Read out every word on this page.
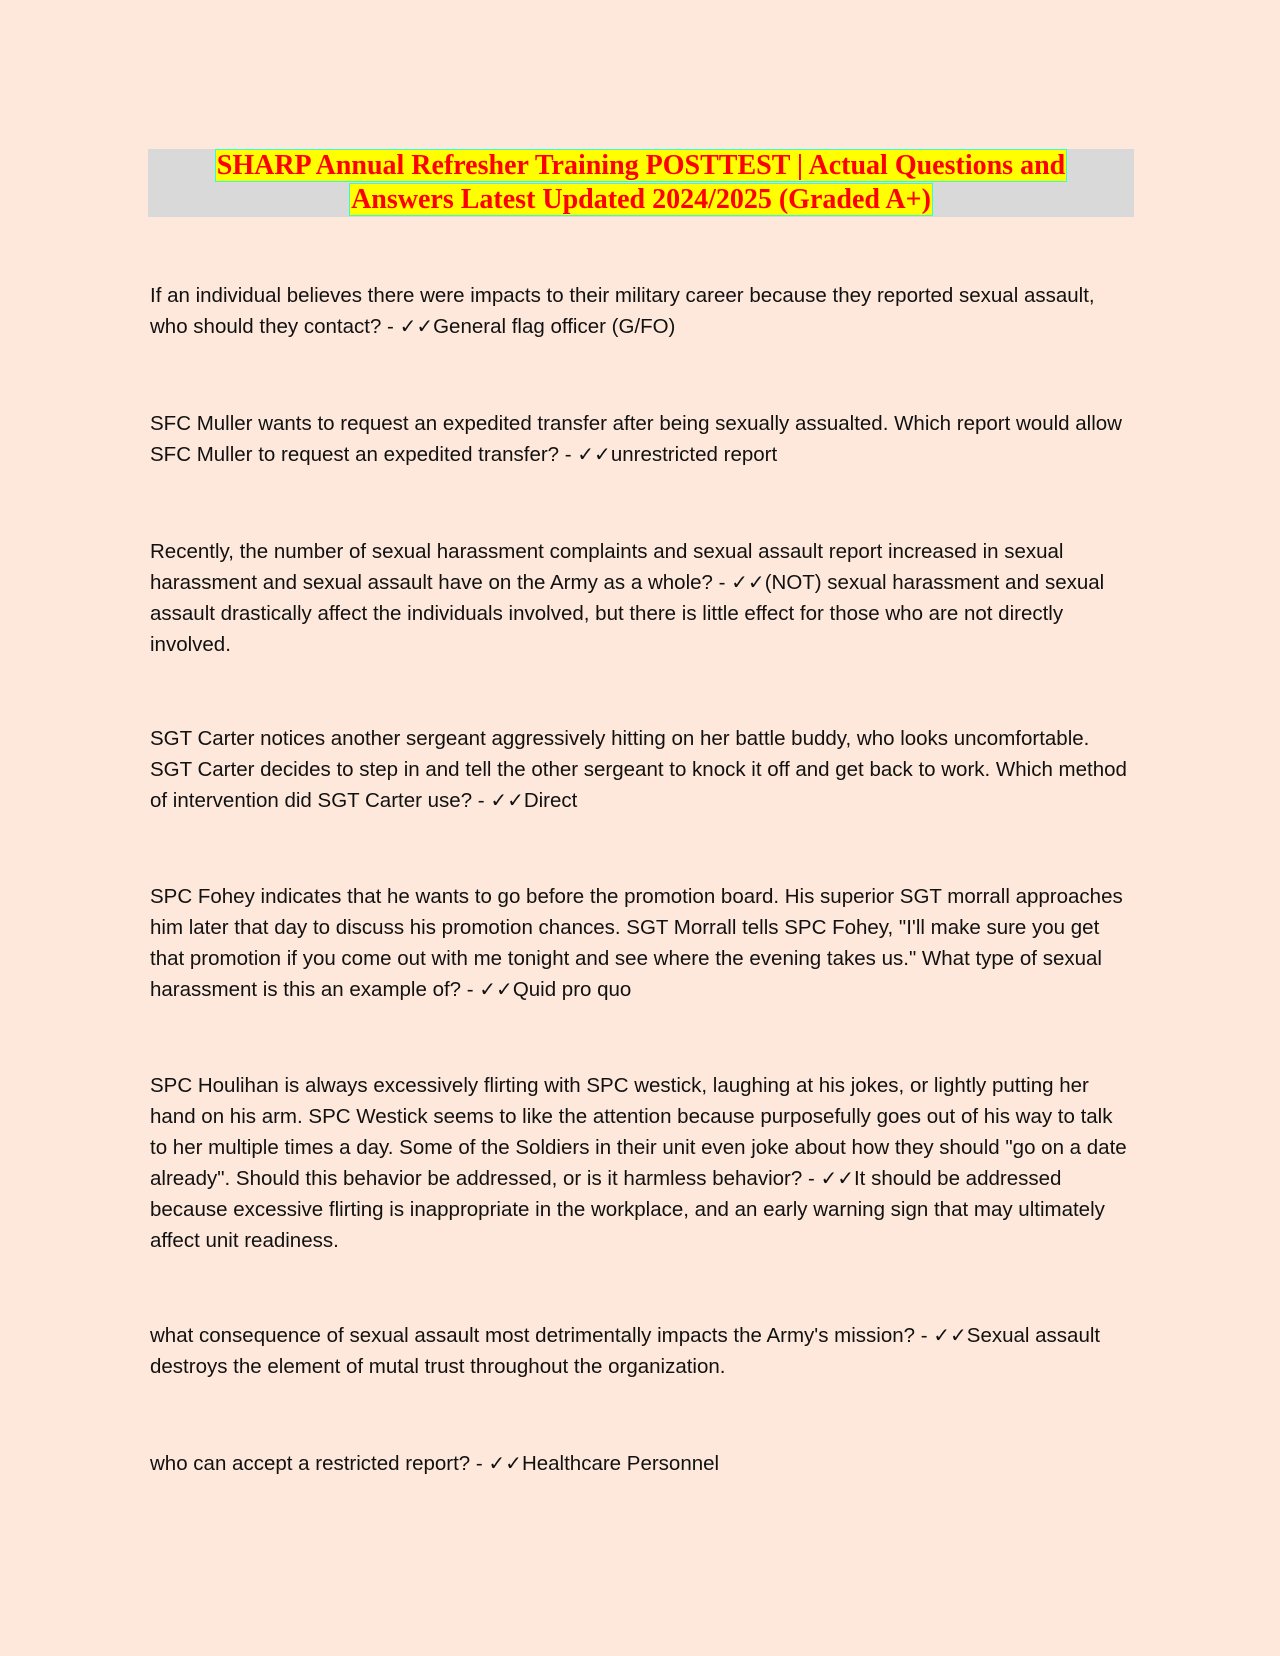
SHARP Annual Refresher Training POSTTEST | Actual Questions and
Answers Latest Updated 2024/2025 (Graded A+)

If an individual believes there were impacts to their military career because they reported sexual assault, who should they contact? - ✓✓General flag officer (G/FO)

SFC Muller wants to request an expedited transfer after being sexually assualted. Which report would allow SFC Muller to request an expedited transfer? - ✓✓unrestricted report

Recently, the number of sexual harassment complaints and sexual assault report increased in sexual harassment and sexual assault have on the Army as a whole? - ✓✓(NOT) sexual harassment and sexual assault drastically affect the individuals involved, but there is little effect for those who are not directly involved.

SGT Carter notices another sergeant aggressively hitting on her battle buddy, who looks uncomfortable. SGT Carter decides to step in and tell the other sergeant to knock it off and get back to work. Which method of intervention did SGT Carter use? - ✓✓Direct

SPC Fohey indicates that he wants to go before the promotion board. His superior SGT morrall approaches him later that day to discuss his promotion chances. SGT Morrall tells SPC Fohey, "I'll make sure you get that promotion if you come out with me tonight and see where the evening takes us." What type of sexual harassment is this an example of? - ✓✓Quid pro quo

SPC Houlihan is always excessively flirting with SPC westick, laughing at his jokes, or lightly putting her hand on his arm. SPC Westick seems to like the attention because purposefully goes out of his way to talk to her multiple times a day. Some of the Soldiers in their unit even joke about how they should "go on a date already". Should this behavior be addressed, or is it harmless behavior? - ✓✓It should be addressed because excessive flirting is inappropriate in the workplace, and an early warning sign that may ultimately affect unit readiness.

what consequence of sexual assault most detrimentally impacts the Army's mission? - ✓✓Sexual assault destroys the element of mutal trust throughout the organization.

who can accept a restricted report? - ✓✓Healthcare Personnel
